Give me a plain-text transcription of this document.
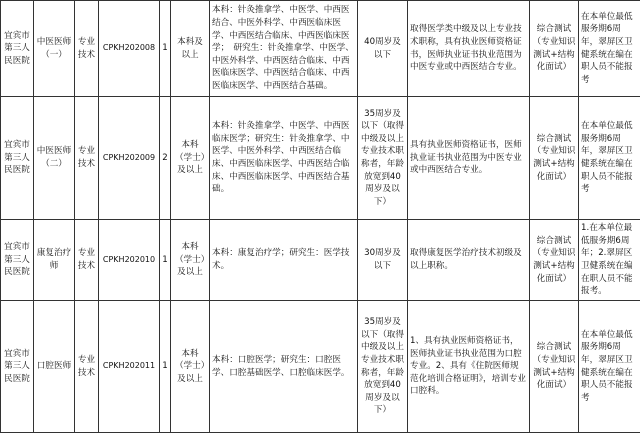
宜宾市第三人民医院	中医医师（一）	专业技术	CPKH202008	1	本科及以上	本科：针灸推拿学、中医学、中西医结合、中医外科学、中西医临床医学、中西医结合临床、中西医临床医学；　研究生：针灸推拿学、中医学、中医外科学、中西医结合临床、中西医临床医学、中西医结合临床、中西医临床医学、中西医结合基础。	40周岁及以下	取得医学类中级及以上专业技术职称，具有执业医师资格证书，医师执业证书执业范围为中医专业或中西医结合专业。	综合测试（专业知识测试+结构化面试）	在本单位最低服务期6周年，翠屏区卫健系统在编在职人员不能报考
宜宾市第三人民医院	中医医师（二）	专业技术	CPKH202009	2	本科（学士）及以上	本科：针灸推拿学、中医学、中西医临床医学；研究生：针灸推拿学、中医学、中医外科学、中西医结合临床、中西医临床医学、中西医结合临床、中西医临床医学、中西医结合基础。	35周岁及以下（取得中级及以上专业技术职称者，年龄放宽到40周岁及以下）	具有执业医师资格证书，医师执业证书执业范围为中医专业或中西医结合专业。	综合测试（专业知识测试+结构化面试）	在本单位最低服务期6周年，翠屏区卫健系统在编在职人员不能报考
宜宾市第三人民医院	康复治疗师	专业技术	CPKH202010	1	本科（学士）及以上	本科：康复治疗学；研究生：医学技术。	30周岁及以下	取得康复医学治疗技术初级及以上职称。	综合测试（专业知识测试+结构化面试）	1.在本单位最低服务期6周年；2.翠屏区卫健系统在编在职人员不能报考。
宜宾市第三人民医院	口腔医师	专业技术	CPKH202011	1	本科（学士）及以上	本科：口腔医学；研究生：口腔医学、口腔基础医学、口腔临床医学。	35周岁及以下（取得中级及以上专业技术职称者，年龄放宽到40周岁及以下）	1、具有执业医师资格证书，医师执业证书执业范围为口腔专业。2、具有《住院医师规范化培训合格证明》，培训专业口腔科。	综合测试（专业知识测试+结构化面试）	在本单位最低服务期6周年，翠屏区卫健系统在编在职人员不能报考
